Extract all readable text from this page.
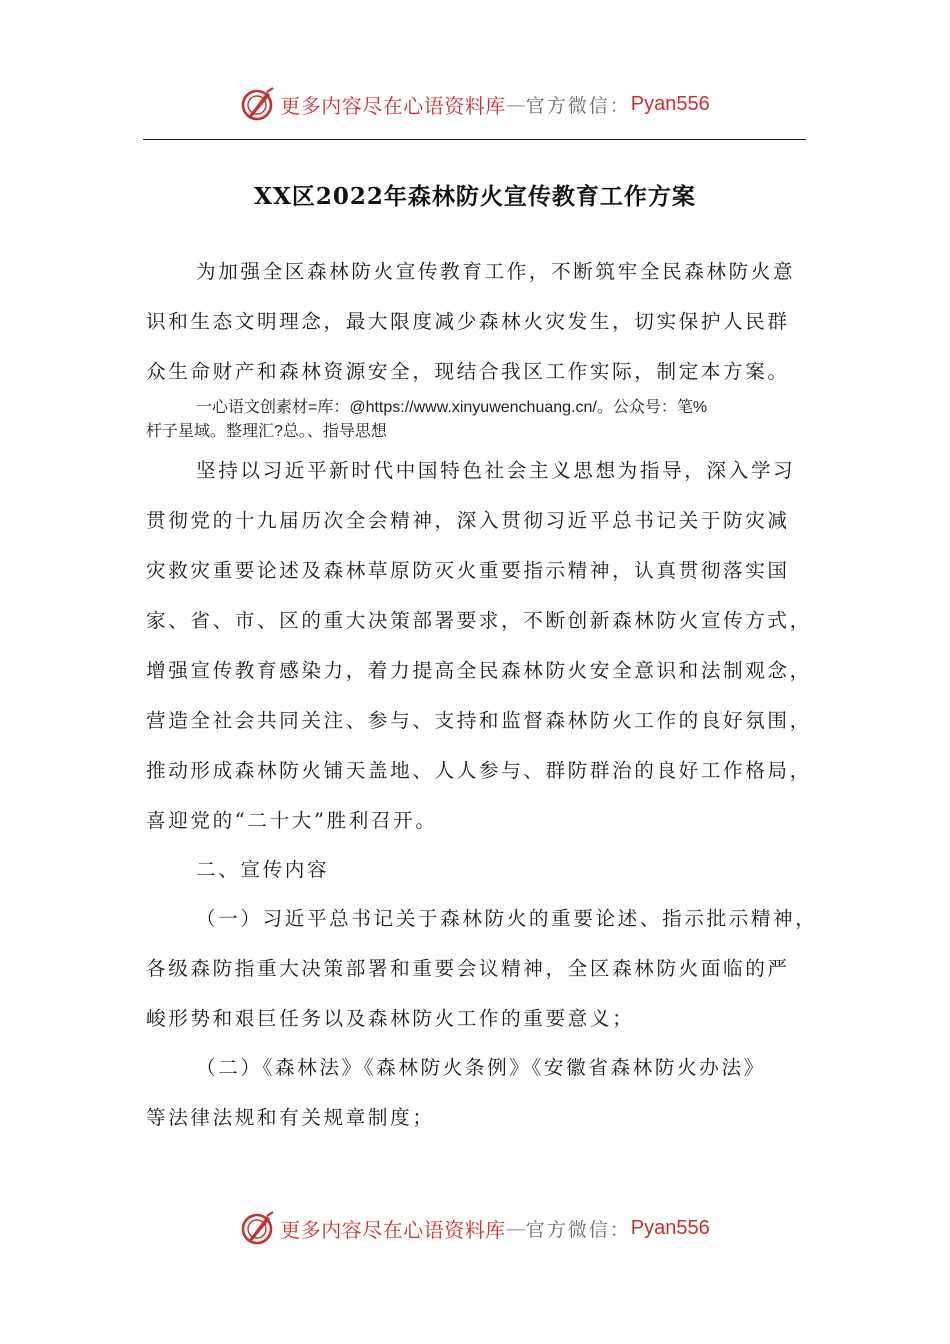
更多内容尽在心语资料库 — 官方微信： Pyan556
XX区2022年森林防火宣传教育工作方案
为加强全区森林防火宣传教育工作，不断筑牢全民森林防火意
识和生态文明理念，最大限度减少森林火灾发生，切实保护人民群
众生命财产和森林资源安全，现结合我区工作实际，制定本方案。
一心语文创素材=库：@https://www.xinyuwenchuang.cn/。公众号：笔%
杆子星域。整理汇?总。、指导思想
坚持以习近平新时代中国特色社会主义思想为指导，深入学习
贯彻党的十九届历次全会精神，深入贯彻习近平总书记关于防灾减
灾救灾重要论述及森林草原防灭火重要指示精神，认真贯彻落实国
家、省、市、区的重大决策部署要求，不断创新森林防火宣传方式，
增强宣传教育感染力，着力提高全民森林防火安全意识和法制观念，
营造全社会共同关注、参与、支持和监督森林防火工作的良好氛围，
推动形成森林防火铺天盖地、人人参与、群防群治的良好工作格局，
喜迎党的“二十大”胜利召开。
二、宣传内容
（一）习近平总书记关于森林防火的重要论述、指示批示精神，
各级森防指重大决策部署和重要会议精神，全区森林防火面临的严
峻形势和艰巨任务以及森林防火工作的重要意义；
（二）《森林法》《森林防火条例》《安徽省森林防火办法》
等法律法规和有关规章制度；
更多内容尽在心语资料库 — 官方微信： Pyan556
